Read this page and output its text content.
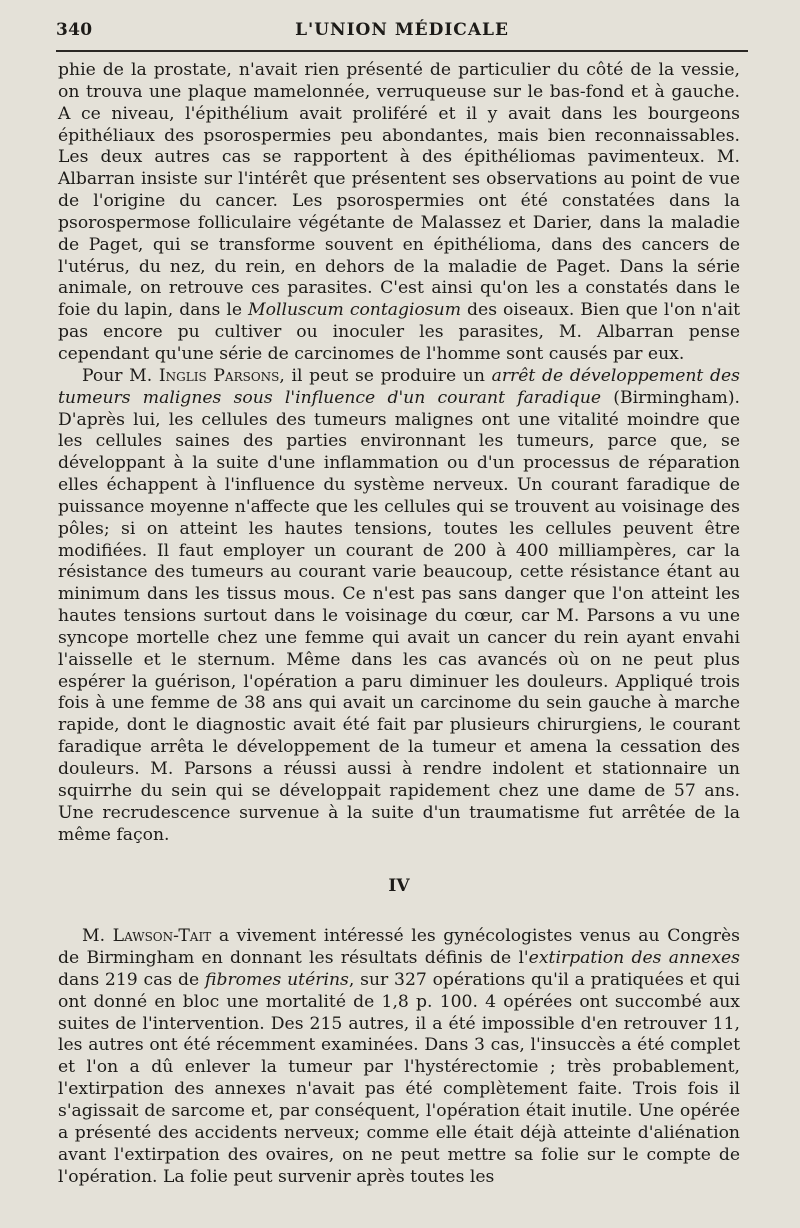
340	L'UNION MÉDICALE

phie de la prostate, n'avait rien présenté de particulier du côté de la vessie, on trouva une plaque mamelonnée, verruqueuse sur le bas-fond et à gauche. A ce niveau, l'épithélium avait proliféré et il y avait dans les bourgeons épithéliaux des psorospermies peu abondantes, mais bien reconnaissables. Les deux autres cas se rapportent à des épithéliomas pavimenteux. M. Albarran insiste sur l'intérêt que présentent ses observations au point de vue de l'origine du cancer. Les psorospermies ont été constatées dans la psorospermose folliculaire végétante de Malassez et Darier, dans la maladie de Paget, qui se transforme souvent en épithélioma, dans des cancers de l'utérus, du nez, du rein, en dehors de la maladie de Paget. Dans la série animale, on retrouve ces parasites. C'est ainsi qu'on les a constatés dans le foie du lapin, dans le Molluscum contagiosum des oiseaux. Bien que l'on n'ait pas encore pu cultiver ou inoculer les parasites, M. Albarran pense cependant qu'une série de carcinomes de l'homme sont causés par eux.

Pour M. Inglis Parsons, il peut se produire un arrêt de développement des tumeurs malignes sous l'influence d'un courant faradique (Birmingham). D'après lui, les cellules des tumeurs malignes ont une vitalité moindre que les cellules saines des parties environnant les tumeurs, parce que, se développant à la suite d'une inflammation ou d'un processus de réparation elles échappent à l'influence du système nerveux. Un courant faradique de puissance moyenne n'affecte que les cellules qui se trouvent au voisinage des pôles; si on atteint les hautes tensions, toutes les cellules peuvent être modifiées. Il faut employer un courant de 200 à 400 milliampères, car la résistance des tumeurs au courant varie beaucoup, cette résistance étant au minimum dans les tissus mous. Ce n'est pas sans danger que l'on atteint les hautes tensions surtout dans le voisinage du cœur, car M. Parsons a vu une syncope mortelle chez une femme qui avait un cancer du rein ayant envahi l'aisselle et le sternum. Même dans les cas avancés où on ne peut plus espérer la guérison, l'opération a paru diminuer les douleurs. Appliqué trois fois à une femme de 38 ans qui avait un carcinome du sein gauche à marche rapide, dont le diagnostic avait été fait par plusieurs chirurgiens, le courant faradique arrêta le développement de la tumeur et amena la cessation des douleurs. M. Parsons a réussi aussi à rendre indolent et stationnaire un squirrhe du sein qui se développait rapidement chez une dame de 57 ans. Une recrudescence survenue à la suite d'un traumatisme fut arrêtée de la même façon.

IV

M. Lawson-Tait a vivement intéressé les gynécologistes venus au Congrès de Birmingham en donnant les résultats définis de l'extirpation des annexes dans 219 cas de fibromes utérins, sur 327 opérations qu'il a pratiquées et qui ont donné en bloc une mortalité de 1,8 p. 100. 4 opérées ont succombé aux suites de l'intervention. Des 215 autres, il a été impossible d'en retrouver 11, les autres ont été récemment examinées. Dans 3 cas, l'insuccès a été complet et l'on a dû enlever la tumeur par l'hystérectomie ; très probablement, l'extirpation des annexes n'avait pas été complètement faite. Trois fois il s'agissait de sarcome et, par conséquent, l'opération était inutile. Une opérée a présenté des accidents nerveux; comme elle était déjà atteinte d'aliénation avant l'extirpation des ovaires, on ne peut mettre sa folie sur le compte de l'opération. La folie peut survenir après toutes les
